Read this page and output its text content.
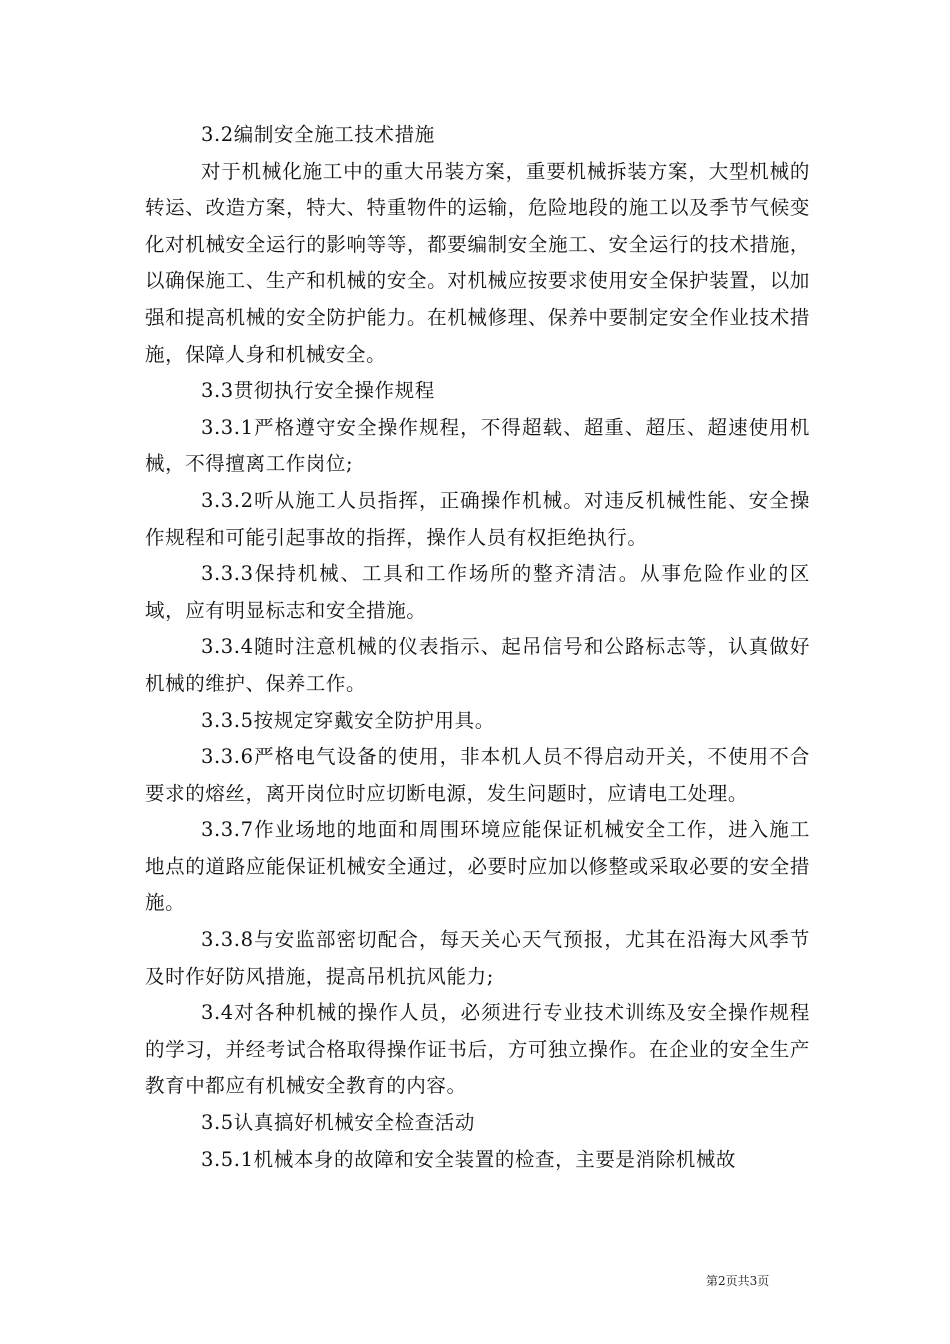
3.2编制安全施工技术措施

对于机械化施工中的重大吊装方案，重要机械拆装方案，大型机械的转运、改造方案，特大、特重物件的运输，危险地段的施工以及季节气候变化对机械安全运行的影响等等，都要编制安全施工、安全运行的技术措施，以确保施工、生产和机械的安全。对机械应按要求使用安全保护装置，以加强和提高机械的安全防护能力。在机械修理、保养中要制定安全作业技术措施，保障人身和机械安全。

3.3贯彻执行安全操作规程

3.3.1严格遵守安全操作规程，不得超载、超重、超压、超速使用机械，不得擅离工作岗位;

3.3.2听从施工人员指挥，正确操作机械。对违反机械性能、安全操作规程和可能引起事故的指挥，操作人员有权拒绝执行。

3.3.3保持机械、工具和工作场所的整齐清洁。从事危险作业的区域，应有明显标志和安全措施。

3.3.4随时注意机械的仪表指示、起吊信号和公路标志等，认真做好机械的维护、保养工作。

3.3.5按规定穿戴安全防护用具。

3.3.6严格电气设备的使用，非本机人员不得启动开关，不使用不合要求的熔丝，离开岗位时应切断电源，发生问题时，应请电工处理。

3.3.7作业场地的地面和周围环境应能保证机械安全工作，进入施工地点的道路应能保证机械安全通过，必要时应加以修整或采取必要的安全措施。

3.3.8与安监部密切配合，每天关心天气预报，尤其在沿海大风季节及时作好防风措施，提高吊机抗风能力;

3.4对各种机械的操作人员，必须进行专业技术训练及安全操作规程的学习，并经考试合格取得操作证书后，方可独立操作。在企业的安全生产教育中都应有机械安全教育的内容。

3.5认真搞好机械安全检查活动

3.5.1机械本身的故障和安全装置的检查，主要是消除机械故

第2页共3页
